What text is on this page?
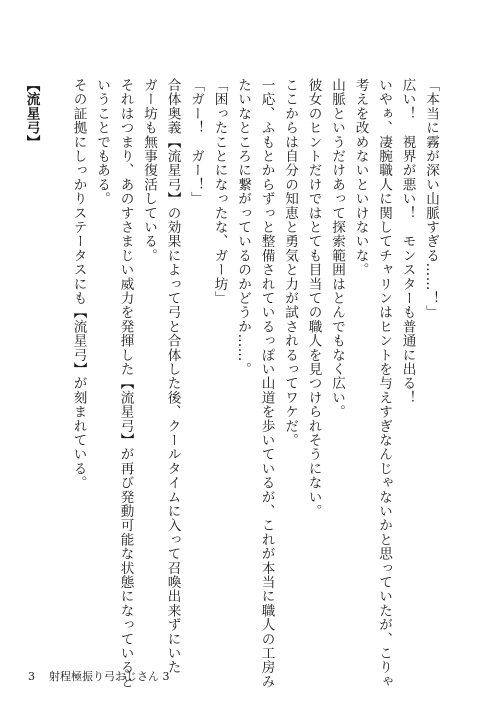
「本当に霧が深い山脈すぎる……！」

広い！　視界が悪い！　モンスターも普通に出る！

いやぁ、凄腕職人に関してチャリンはヒントを与えすぎなんじゃないかと思っていたが、こりゃ

考えを改めないといけないな。

山脈というだけあって探索範囲はとんでもなく広い。

彼女のヒントだけではとても目当ての職人を見つけられそうにない。

ここからは自分の知恵と勇気と力が試されるってワケだ。

一応、ふもとからずっと整備されているっぽい山道を歩いているが、これが本当に職人の工房み

たいなところに繋がっているのかどうか……。

「困ったことになったな、ガー坊」

「ガー！　ガー！」

合体奥義【流星弓】の効果によって弓と合体した後、クールタイムに入って召喚出来ずにいた

ガー坊も無事復活している。

それはつまり、あのすさまじい威力を発揮した【流星弓】が再び発動可能な状態になっていると

いうことでもある。

その証拠にしっかりステータスにも【流星弓】が刻まれている。

【流星弓】

3 射程極振り弓おじさん 3
